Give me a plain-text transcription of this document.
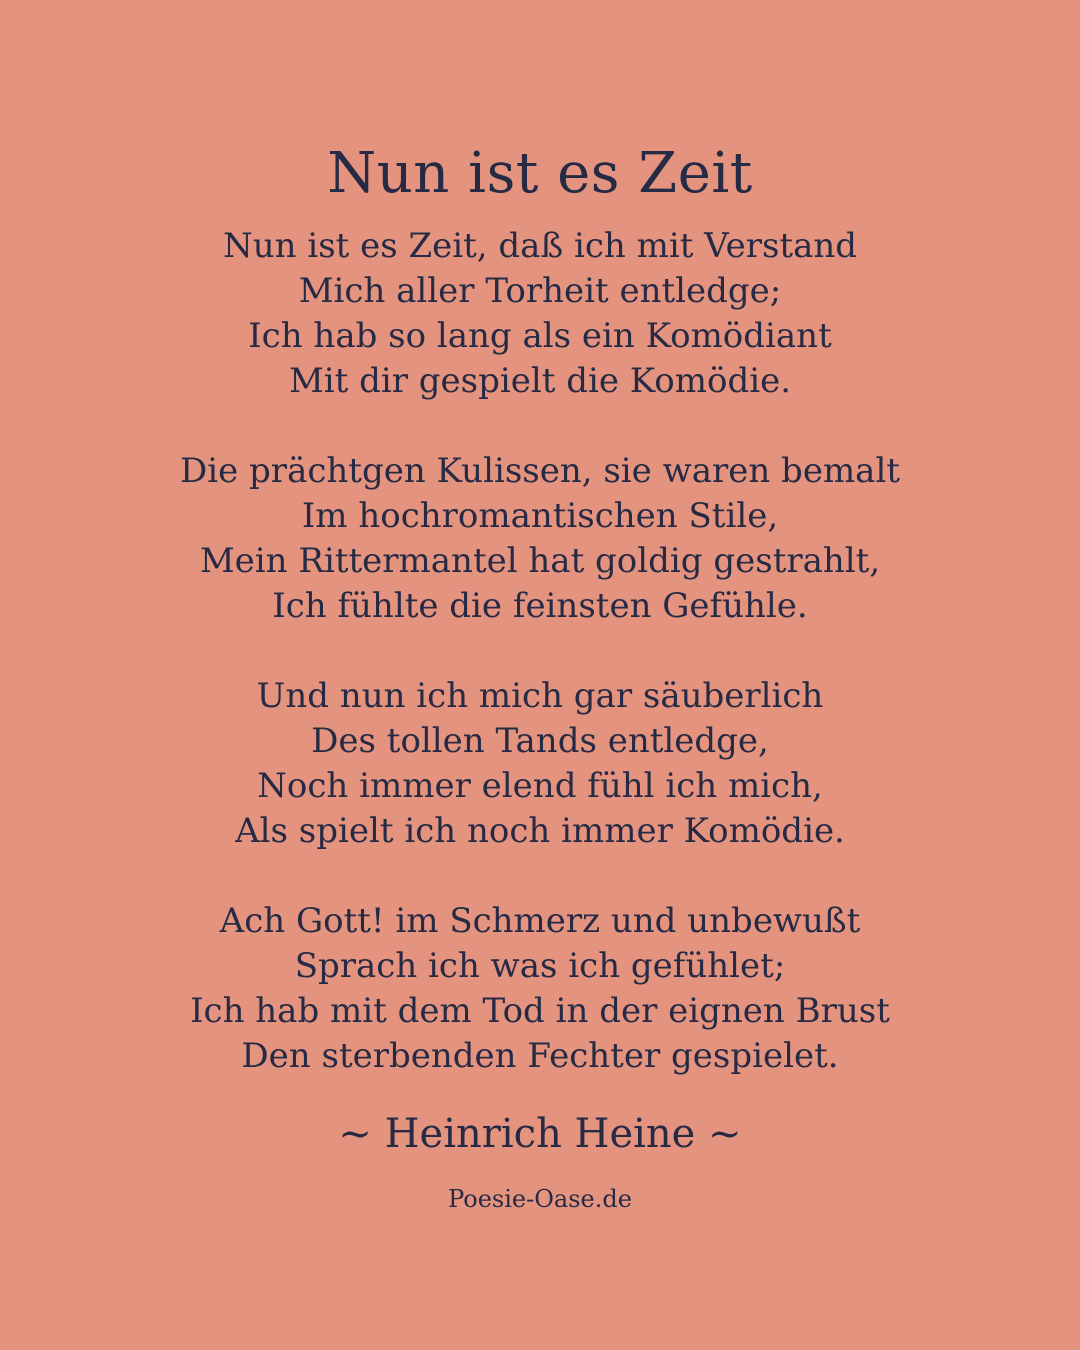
Nun ist es Zeit
Nun ist es Zeit, daß ich mit Verstand
Mich aller Torheit entledge;
Ich hab so lang als ein Komödiant
Mit dir gespielt die Komödie.
Die prächtgen Kulissen, sie waren bemalt
Im hochromantischen Stile,
Mein Rittermantel hat goldig gestrahlt,
Ich fühlte die feinsten Gefühle.
Und nun ich mich gar säuberlich
Des tollen Tands entledge,
Noch immer elend fühl ich mich,
Als spielt ich noch immer Komödie.
Ach Gott! im Schmerz und unbewußt
Sprach ich was ich gefühlet;
Ich hab mit dem Tod in der eignen Brust
Den sterbenden Fechter gespielet.
~ Heinrich Heine ~
Poesie-Oase.de
